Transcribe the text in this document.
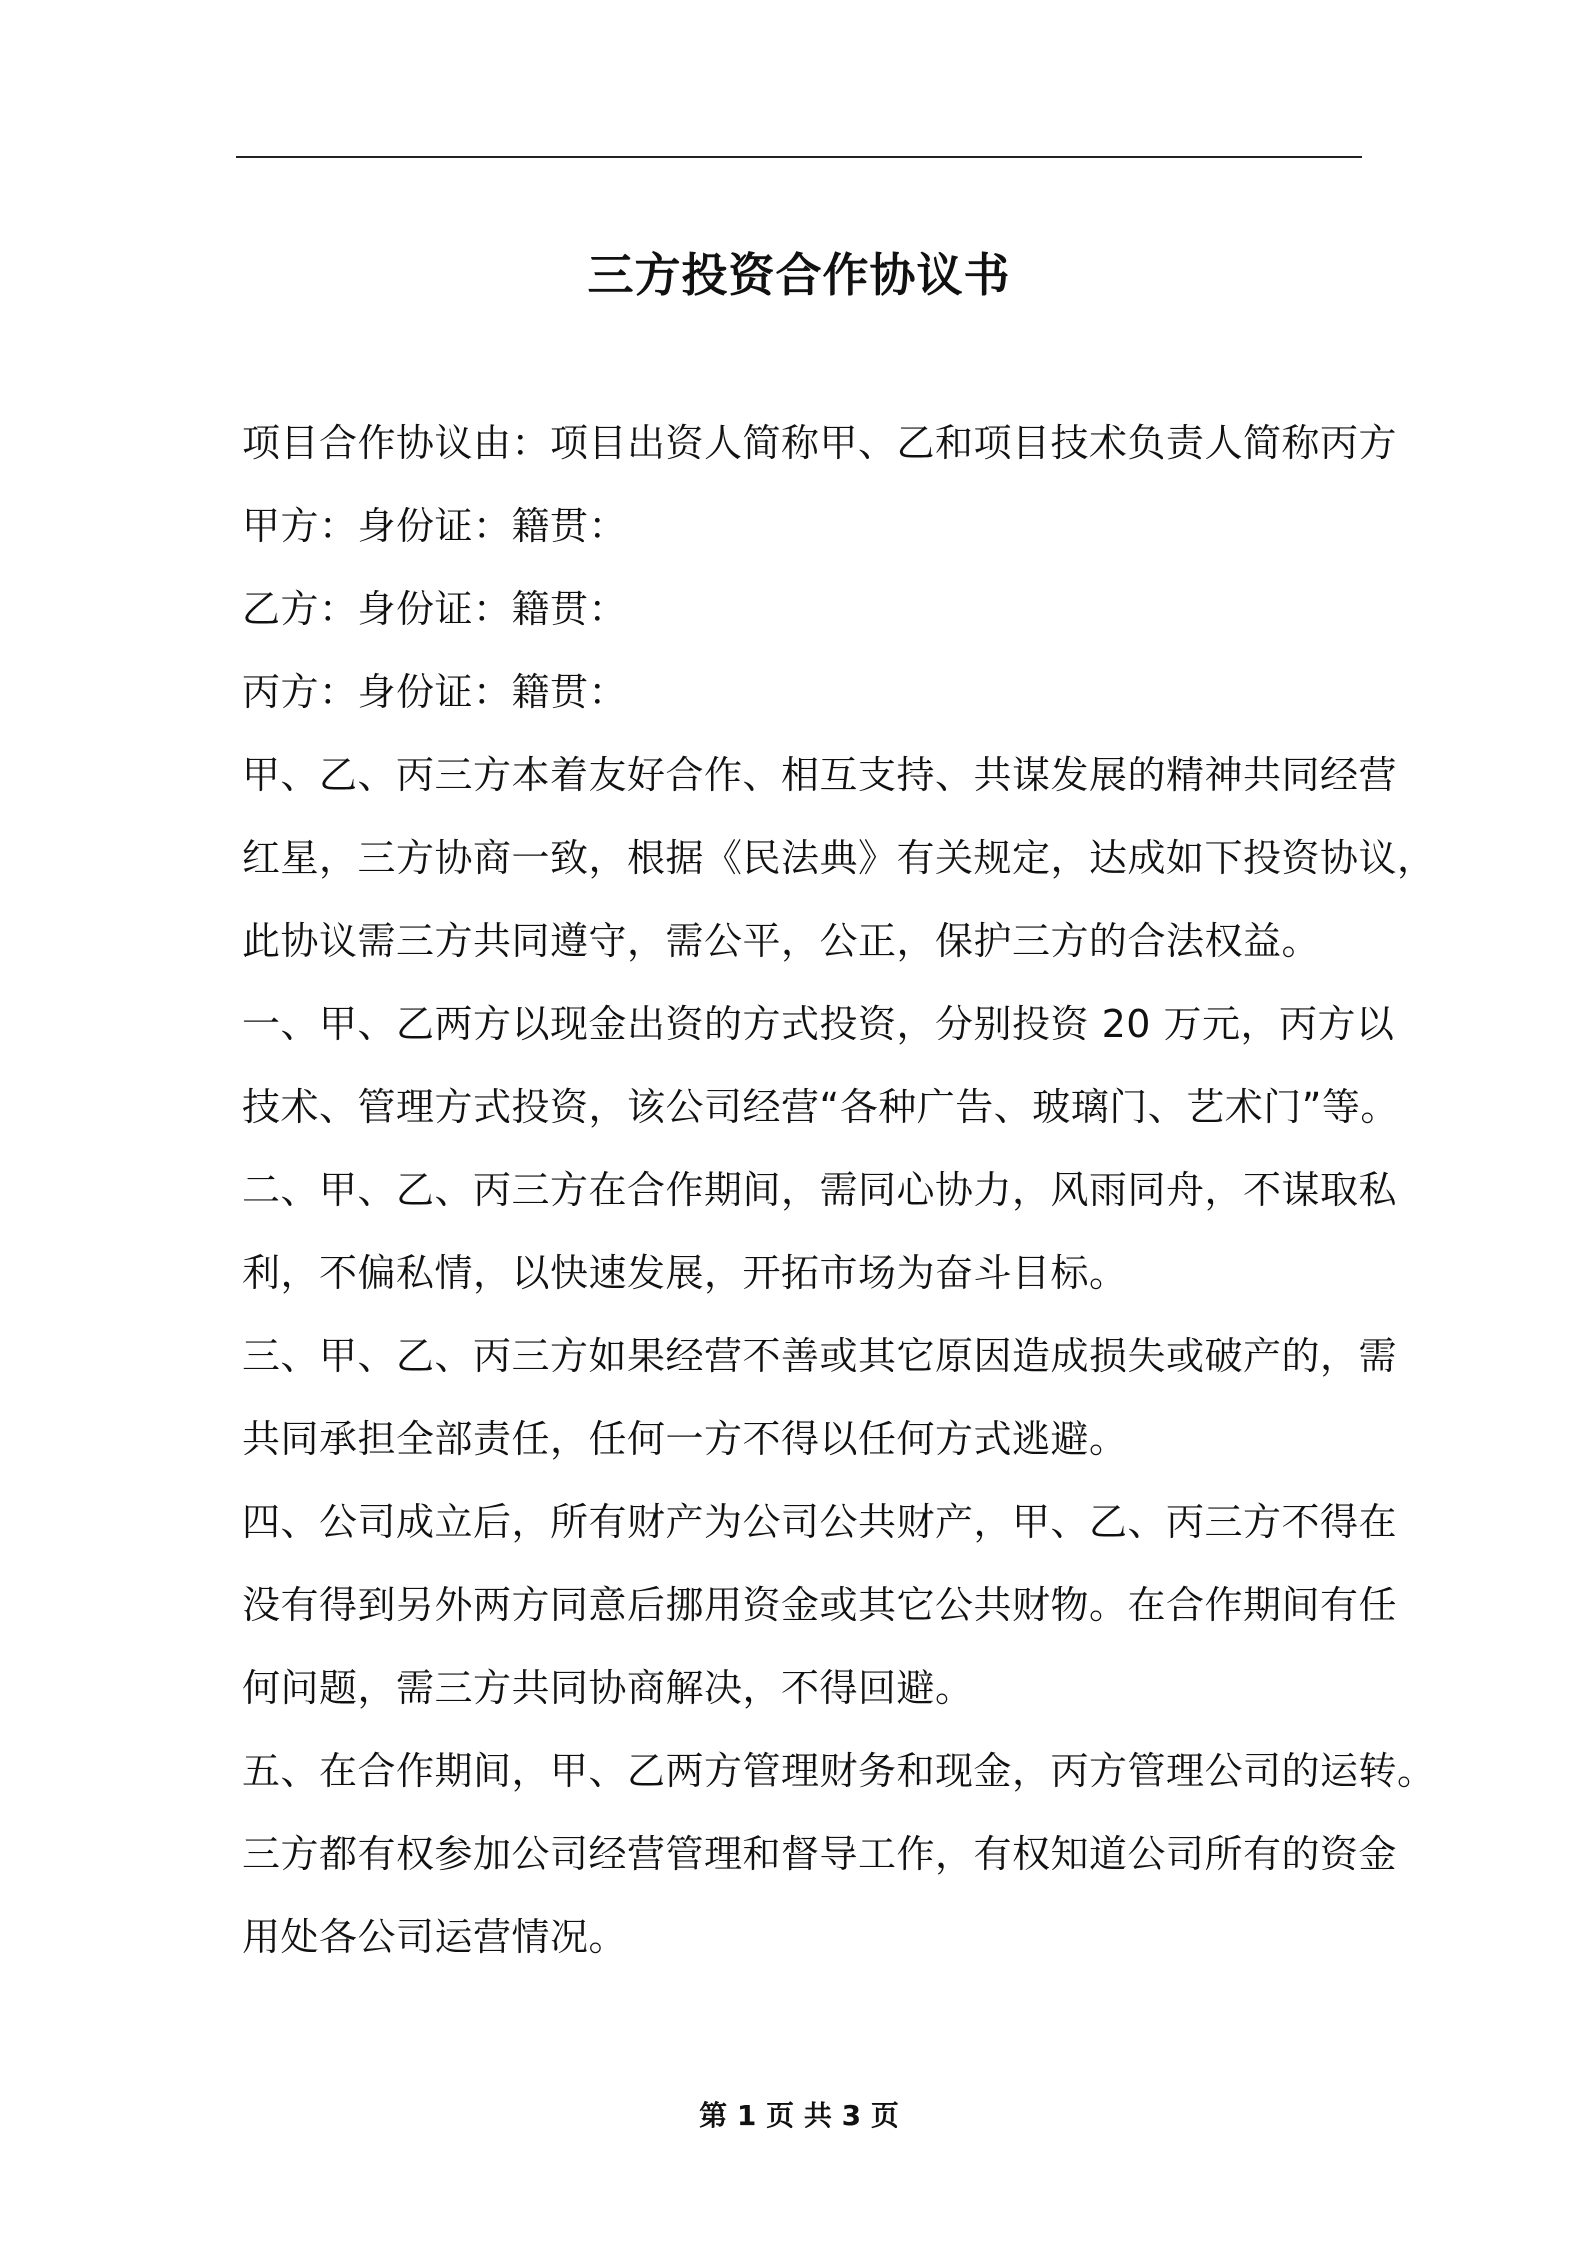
三方投资合作协议书

项目合作协议由：项目出资人简称甲、乙和项目技术负责人简称丙方

甲方：身份证：籍贯：

乙方：身份证：籍贯：

丙方：身份证：籍贯：

甲、乙、丙三方本着友好合作、相互支持、共谋发展的精神共同经营

红星，三方协商一致，根据《民法典》有关规定，达成如下投资协议，

此协议需三方共同遵守，需公平，公正，保护三方的合法权益。

一、甲、乙两方以现金出资的方式投资，分别投资 20 万元，丙方以

技术、管理方式投资，该公司经营“各种广告、玻璃门、艺术门”等。

二、甲、乙、丙三方在合作期间，需同心协力，风雨同舟，不谋取私

利，不偏私情，以快速发展，开拓市场为奋斗目标。

三、甲、乙、丙三方如果经营不善或其它原因造成损失或破产的，需

共同承担全部责任，任何一方不得以任何方式逃避。

四、公司成立后，所有财产为公司公共财产，甲、乙、丙三方不得在

没有得到另外两方同意后挪用资金或其它公共财物。在合作期间有任

何问题，需三方共同协商解决，不得回避。

五、在合作期间，甲、乙两方管理财务和现金，丙方管理公司的运转。

三方都有权参加公司经营管理和督导工作，有权知道公司所有的资金

用处各公司运营情况。

第 1 页 共 3 页
